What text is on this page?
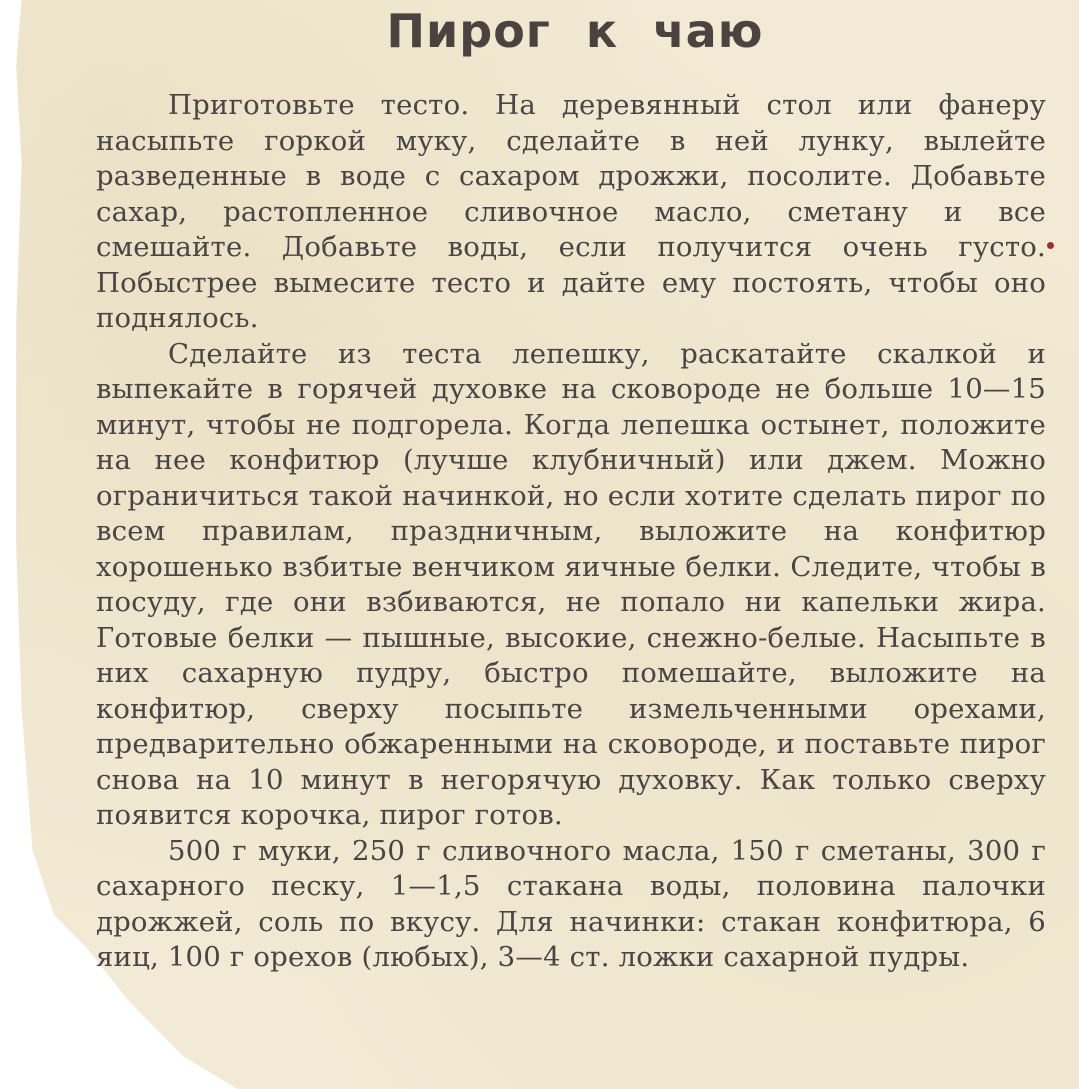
Пирог к чаю

Приготовьте тесто. На деревянный стол или фанеру насыпьте горкой муку, сделайте в ней лунку, вылейте разведенные в воде с сахаром дрожжи, посолите. Добавьте сахар, растопленное сливочное масло, сметану и все смешайте. Добавьте воды, если получится очень густо. Побыстрее вымесите тесто и дайте ему постоять, чтобы оно поднялось.

Сделайте из теста лепешку, раскатайте скалкой и выпекайте в горячей духовке на сковороде не больше 10—15 минут, чтобы не подгорела. Когда лепешка остынет, положите на нее конфитюр (лучше клубничный) или джем. Можно ограничиться такой начинкой, но если хотите сделать пирог по всем правилам, праздничным, выложите на конфитюр хорошенько взбитые венчиком яичные белки. Следите, чтобы в посуду, где они взбиваются, не попало ни капельки жира. Готовые белки — пышные, высокие, снежно-белые. Насыпьте в них сахарную пудру, быстро помешайте, выложите на конфитюр, сверху посыпьте измельченными орехами, предварительно обжаренными на сковороде, и поставьте пирог снова на 10 минут в негорячую духовку. Как только сверху появится корочка, пирог готов.

500 г муки, 250 г сливочного масла, 150 г сметаны, 300 г сахарного песку, 1—1,5 стакана воды, половина палочки дрожжей, соль по вкусу. Для начинки: стакан конфитюра, 6 яиц, 100 г орехов (любых), 3—4 ст. ложки сахарной пудры.
